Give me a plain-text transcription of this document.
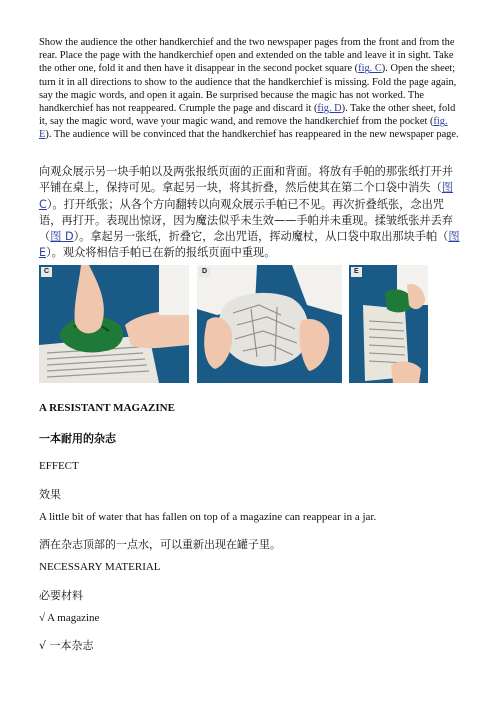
Show the audience the other handkerchief and the two newspaper pages from the front and from the rear. Place the page with the handkerchief open and extended on the table and leave it in sight. Take the other one, fold it and then have it disappear in the second pocket square (fig. C). Open the sheet; turn it in all directions to show to the audience that the handkerchief is missing. Fold the page again, say the magic words, and open it again. Be surprised because the magic has not worked. The handkerchief has not reappeared. Crumple the page and discard it (fig. D). Take the other sheet, fold it, say the magic word, wave your magic wand, and remove the handkerchief from the pocket (fig. E). The audience will be convinced that the handkerchief has reappeared in the new newspaper page.

向观众展示另一块手帕以及两张报纸页面的正面和背面。将放有手帕的那张纸打开并平铺在桌上，保持可见。拿起另一块，将其折叠，然后使其在第二个口袋中消失（图 C）。打开纸张；从各个方向翻转以向观众展示手帕已不见。再次折叠纸张，念出咒语，再打开。表现出惊讶，因为魔法似乎未生效——手帕并未重现。揉皱纸张并丢弃（图 D）。拿起另一张纸，折叠它，念出咒语，挥动魔杖，从口袋中取出那块手帕（图 E）。观众将相信手帕已在新的报纸页面中重现。

C	D	E

A RESISTANT MAGAZINE

一本耐用的杂志

EFFECT

效果

A little bit of water that has fallen on top of a magazine can reappear in a jar.

洒在杂志顶部的一点水，可以重新出现在罐子里。

NECESSARY MATERIAL

必要材料

√ A magazine

√ 一本杂志
